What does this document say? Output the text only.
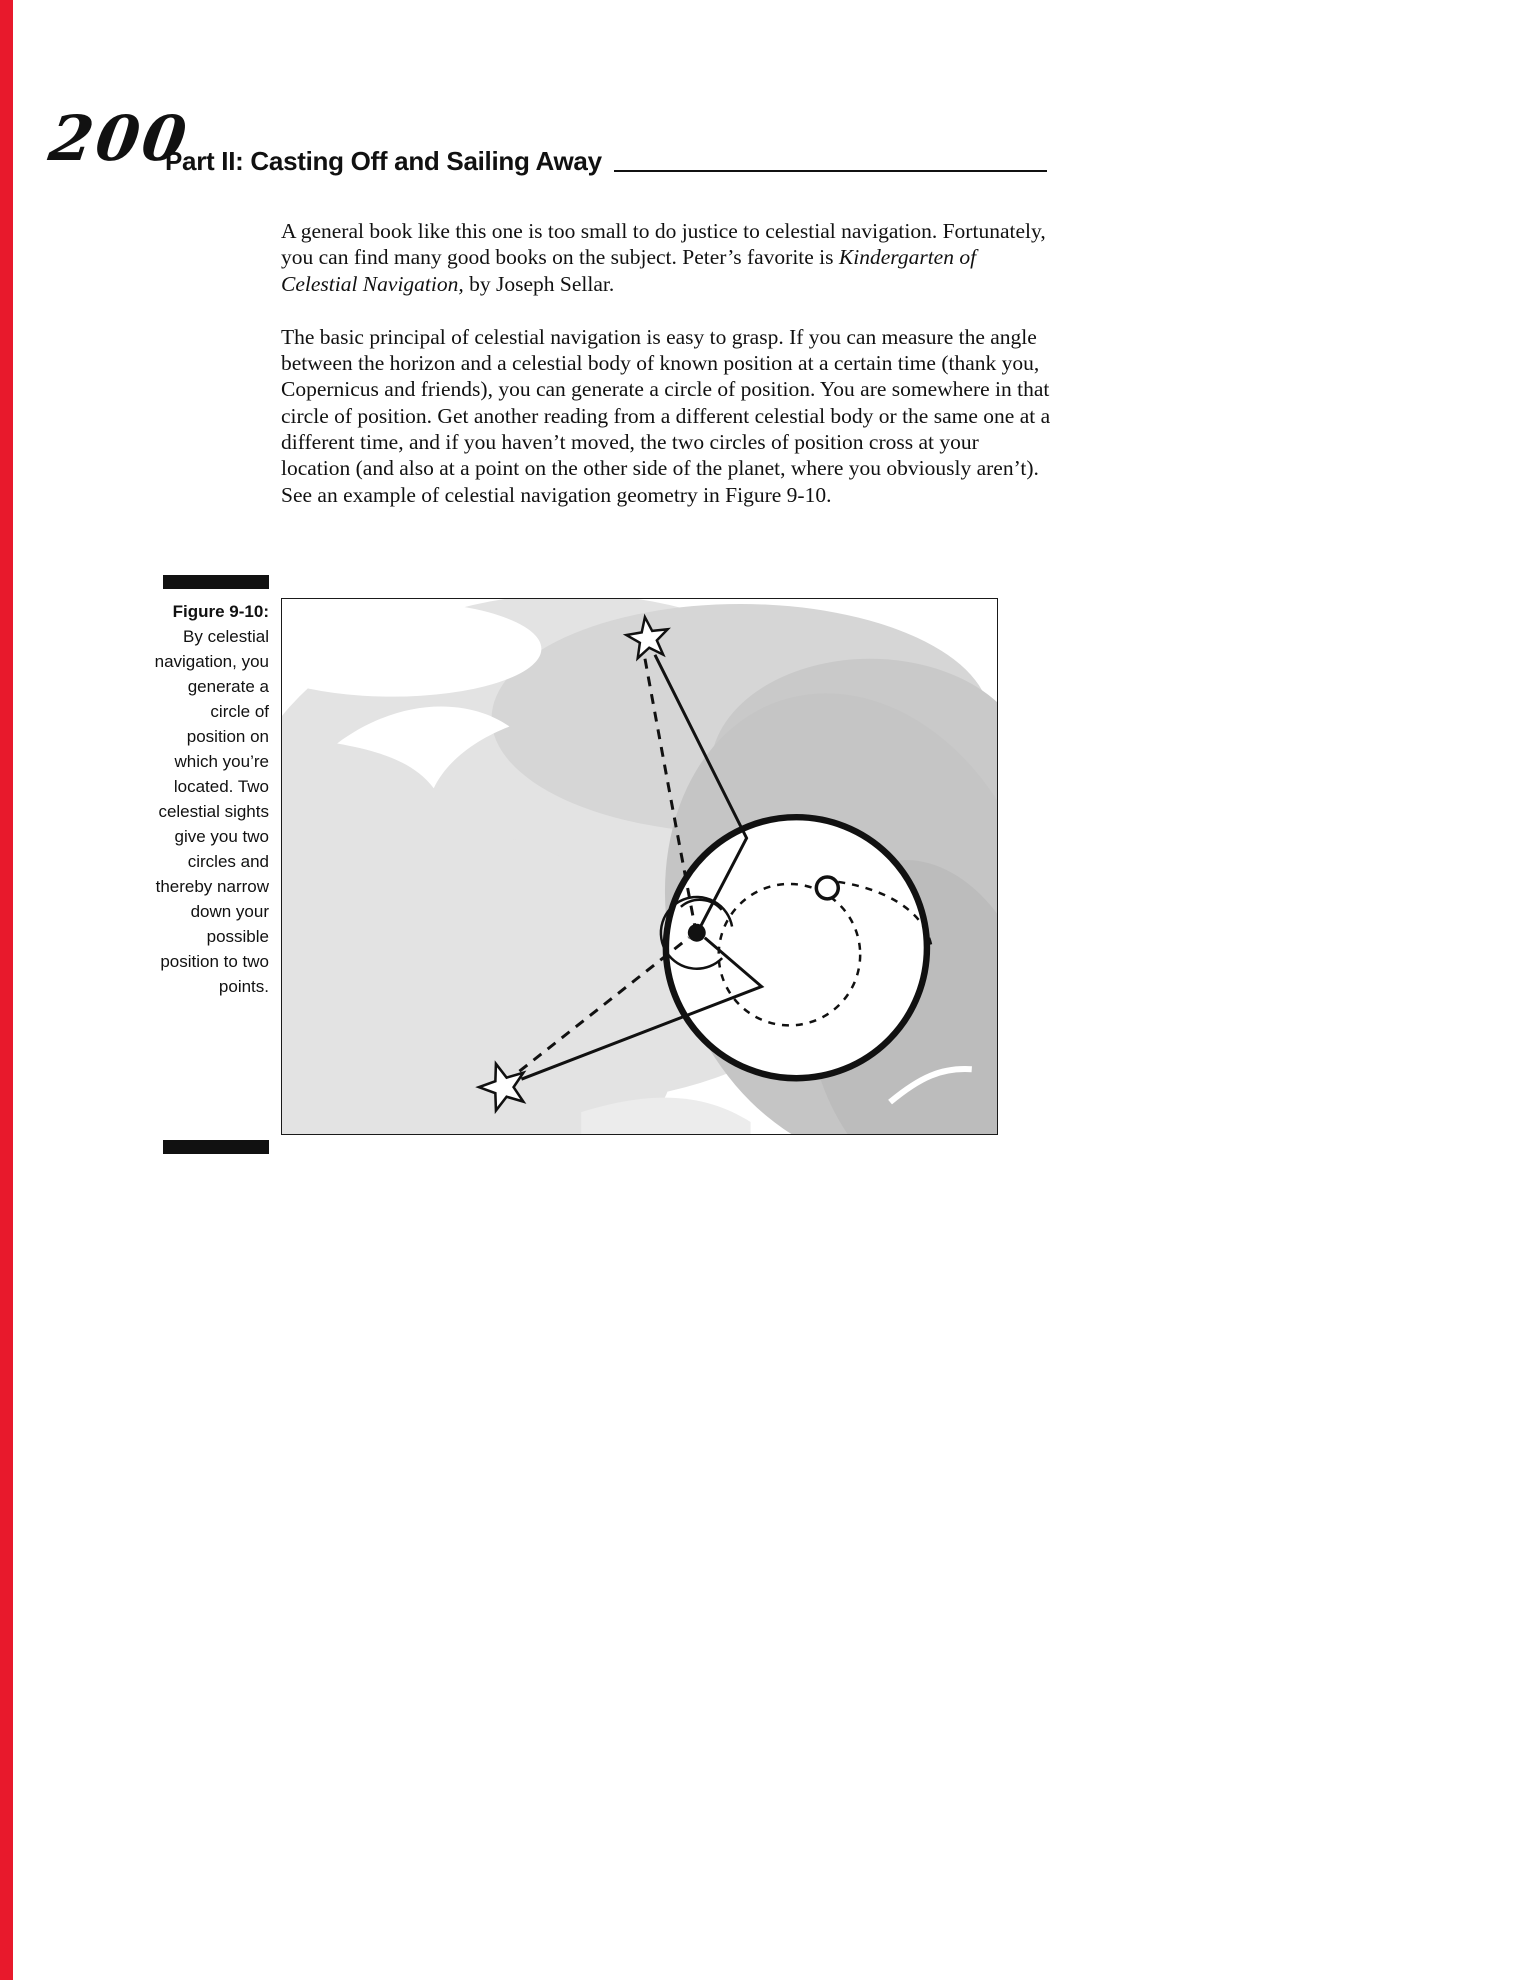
200
Part II: Casting Off and Sailing Away

A general book like this one is too small to do justice to celestial navigation. Fortunately, you can find many good books on the subject. Peter’s favorite is Kindergarten of Celestial Navigation, by Joseph Sellar.

The basic principal of celestial navigation is easy to grasp. If you can measure the angle between the horizon and a celestial body of known position at a certain time (thank you, Copernicus and friends), you can generate a circle of position. You are somewhere in that circle of position. Get another reading from a different celestial body or the same one at a different time, and if you haven’t moved, the two circles of position cross at your location (and also at a point on the other side of the planet, where you obviously aren’t). See an example of celestial navigation geometry in Figure 9-10.

Figure 9-10:
By celestial navigation, you generate a circle of position on which you’re located. Two celestial sights give you two circles and thereby narrow down your possible position to two points.
